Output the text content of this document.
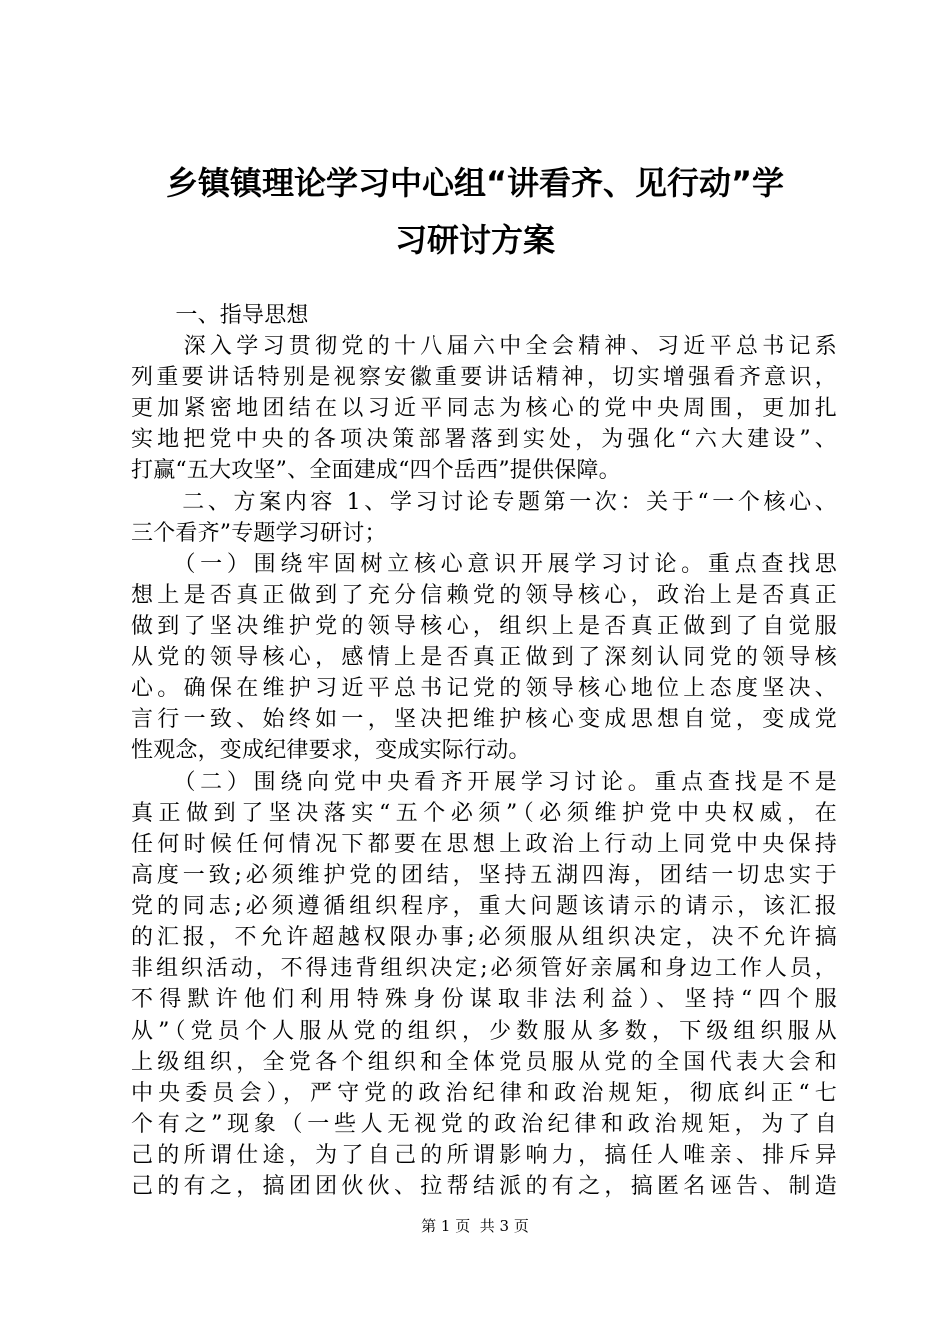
乡镇镇理论学习中心组“讲看齐、见行动”学
习研讨方案
　　一、指导思想
　　深入学习贯彻党的十八届六中全会精神、习近平总书记系
列重要讲话特别是视察安徽重要讲话精神，切实增强看齐意识，
更加紧密地团结在以习近平同志为核心的党中央周围，更加扎
实地把党中央的各项决策部署落到实处，为强化“六大建设”、
打赢“五大攻坚”、全面建成“四个岳西”提供保障。
　　二、方案内容 1、学习讨论专题第一次：关于“一个核心、
三个看齐”专题学习研讨；
　　（一）围绕牢固树立核心意识开展学习讨论。重点查找思
想上是否真正做到了充分信赖党的领导核心，政治上是否真正
做到了坚决维护党的领导核心，组织上是否真正做到了自觉服
从党的领导核心，感情上是否真正做到了深刻认同党的领导核
心。确保在维护习近平总书记党的领导核心地位上态度坚决、
言行一致、始终如一，坚决把维护核心变成思想自觉，变成党
性观念，变成纪律要求，变成实际行动。
　　（二）围绕向党中央看齐开展学习讨论。重点查找是不是
真正做到了坚决落实“五个必须”（必须维护党中央权威，在
任何时候任何情况下都要在思想上政治上行动上同党中央保持
高度一致;必须维护党的团结，坚持五湖四海，团结一切忠实于
党的同志;必须遵循组织程序，重大问题该请示的请示，该汇报
的汇报，不允许超越权限办事;必须服从组织决定，决不允许搞
非组织活动，不得违背组织决定;必须管好亲属和身边工作人员，
不得默许他们利用特殊身份谋取非法利益）、坚持“四个服
从”（党员个人服从党的组织，少数服从多数，下级组织服从
上级组织，全党各个组织和全体党员服从党的全国代表大会和
中央委员会），严守党的政治纪律和政治规矩，彻底纠正“七
个有之”现象（一些人无视党的政治纪律和政治规矩，为了自
己的所谓仕途，为了自己的所谓影响力，搞任人唯亲、排斥异
己的有之，搞团团伙伙、拉帮结派的有之，搞匿名诬告、制造
第 1 页  共 3 页
